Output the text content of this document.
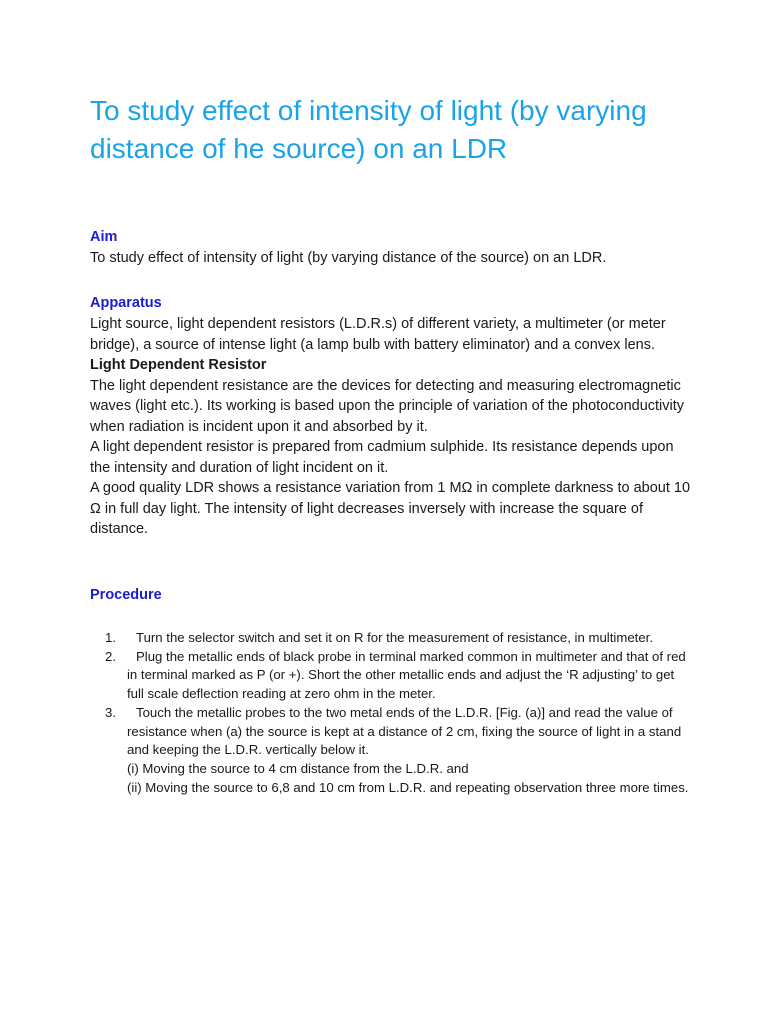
To study effect of intensity of light (by varying distance of he source) on an LDR
Aim

To study effect of intensity of light (by varying distance of the source) on an LDR.

Apparatus

Light source, light dependent resistors (L.D.R.s) of different variety, a multimeter (or meter bridge), a source of intense light (a lamp bulb with battery eliminator) and a convex lens.

Light Dependent Resistor

The light dependent resistance are the devices for detecting and measuring electromagnetic waves (light etc.). Its working is based upon the principle of variation of the photoconductivity when radiation is incident upon it and absorbed by it.

A light dependent resistor is prepared from cadmium sulphide. Its resistance depends upon the intensity and duration of light incident on it.

A good quality LDR shows a resistance variation from 1 MΩ in complete darkness to about 10 Ω in full day light. The intensity of light decreases inversely with increase the square of distance.

Procedure
1.	Turn the selector switch and set it on R for the measurement of resistance, in multimeter.
2.	Plug the metallic ends of black probe in terminal marked common in multimeter and that of red in terminal marked as P (or +). Short the other metallic ends and adjust the ‘R adjusting’ to get full scale deflection reading at zero ohm in the meter.
3.	Touch the metallic probes to the two metal ends of the L.D.R. [Fig. (a)] and read the value of resistance when (a) the source is kept at a distance of 2 cm, fixing the source of light in a stand and keeping the L.D.R. vertically below it.
(i) Moving the source to 4 cm distance from the L.D.R. and
(ii) Moving the source to 6,8 and 10 cm from L.D.R. and repeating observation three more times.
